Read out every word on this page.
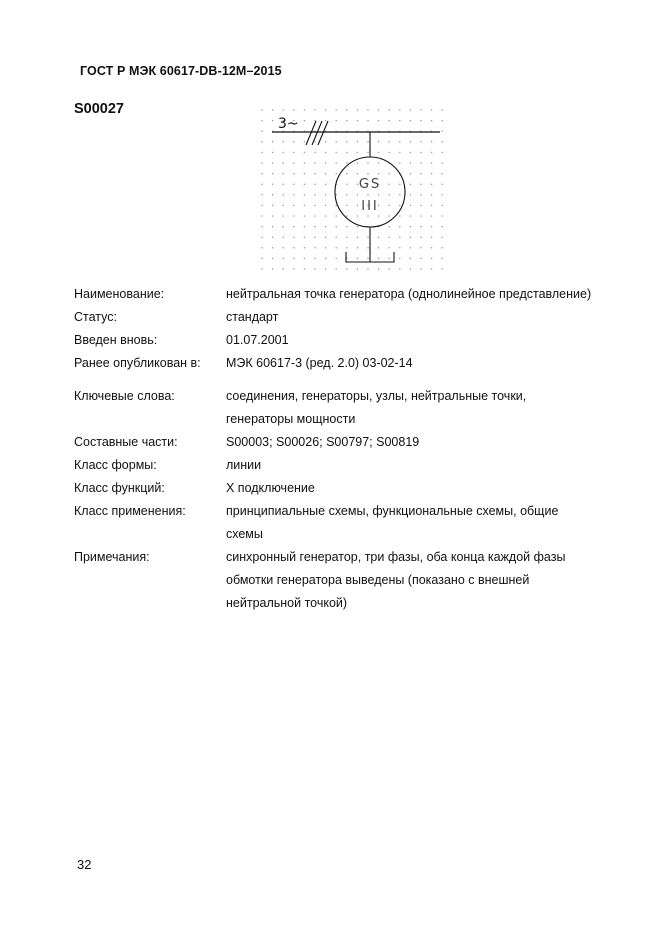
ГОСТ Р МЭК 60617-DB-12M–2015
S00027
3~
GS
III
Наименование:	нейтральная точка генератора (однолинейное представление)
Статус:	стандарт
Введен вновь:	01.07.2001
Ранее опубликован в:	МЭК 60617-3 (ред. 2.0) 03-02-14
Ключевые слова:	соединения, генераторы, узлы, нейтральные точки, генераторы мощности
Составные части:	S00003; S00026; S00797; S00819
Класс формы:	линии
Класс функций:	X подключение
Класс применения:	принципиальные схемы, функциональные схемы, общие схемы
Примечания:	синхронный генератор, три фазы, оба конца каждой фазы обмотки генератора выведены (показано с внешней нейтральной точкой)
32
